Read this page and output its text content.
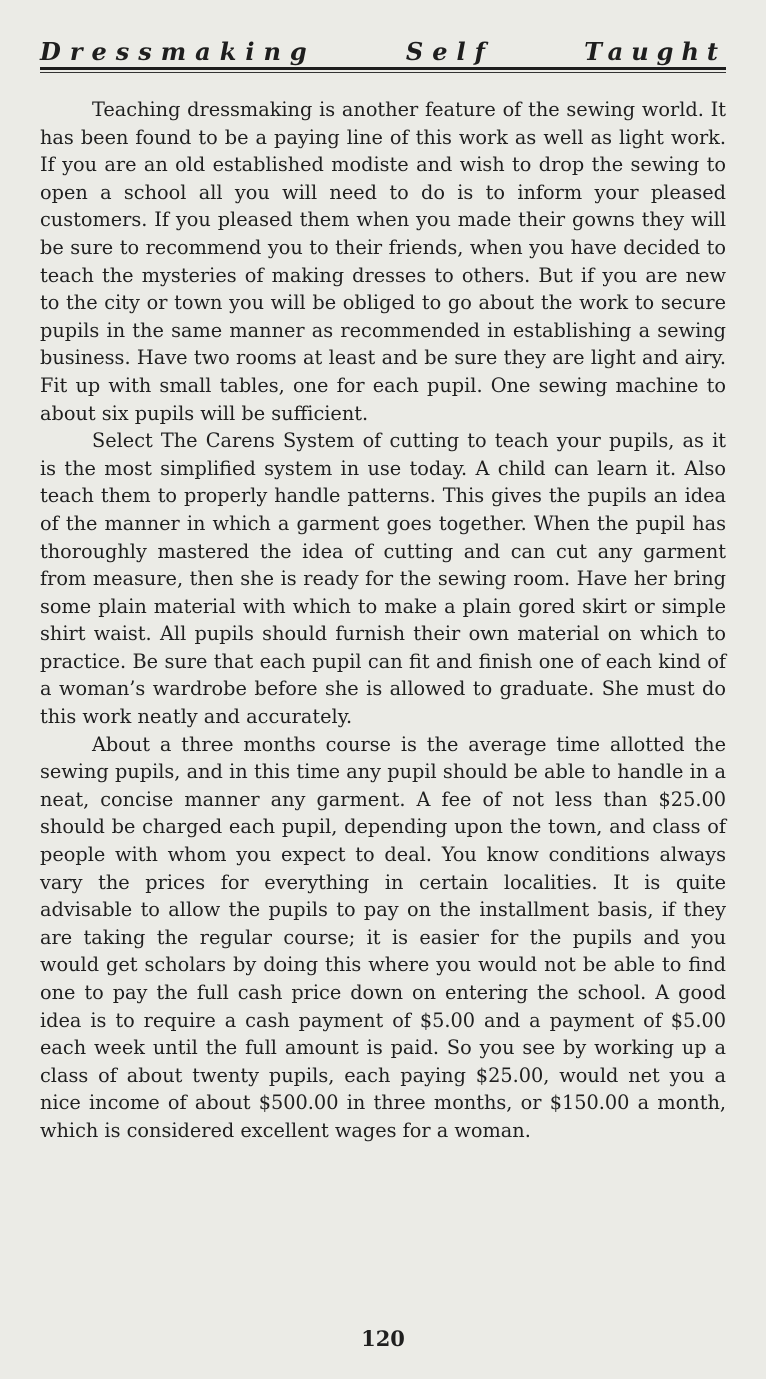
Dressmaking	Self	Taught

Teaching dressmaking is another feature of the sewing world. It has been found to be a paying line of this work as well as light work. If you are an old established modiste and wish to drop the sewing to open a school all you will need to do is to inform your pleased customers. If you pleased them when you made their gowns they will be sure to recommend you to their friends, when you have decided to teach the mysteries of making dresses to others. But if you are new to the city or town you will be obliged to go about the work to secure pupils in the same manner as recommended in establishing a sewing business. Have two rooms at least and be sure they are light and airy. Fit up with small tables, one for each pupil. One sewing machine to about six pupils will be sufficient.

Select The Carens System of cutting to teach your pupils, as it is the most simplified system in use today. A child can learn it. Also teach them to properly handle patterns. This gives the pupils an idea of the manner in which a garment goes together. When the pupil has thoroughly mastered the idea of cutting and can cut any garment from measure, then she is ready for the sewing room. Have her bring some plain material with which to make a plain gored skirt or simple shirt waist. All pupils should furnish their own material on which to practice. Be sure that each pupil can fit and finish one of each kind of a woman’s wardrobe before she is allowed to graduate. She must do this work neatly and accurately.

About a three months course is the average time allotted the sewing pupils, and in this time any pupil should be able to handle in a neat, concise manner any garment. A fee of not less than $25.00 should be charged each pupil, depending upon the town, and class of people with whom you expect to deal. You know conditions always vary the prices for everything in certain localities. It is quite advisable to allow the pupils to pay on the installment basis, if they are taking the regular course; it is easier for the pupils and you would get scholars by doing this where you would not be able to find one to pay the full cash price down on entering the school. A good idea is to require a cash payment of $5.00 and a payment of $5.00 each week until the full amount is paid. So you see by working up a class of about twenty pupils, each paying $25.00, would net you a nice income of about $500.00 in three months, or $150.00 a month, which is considered excellent wages for a woman.

120
